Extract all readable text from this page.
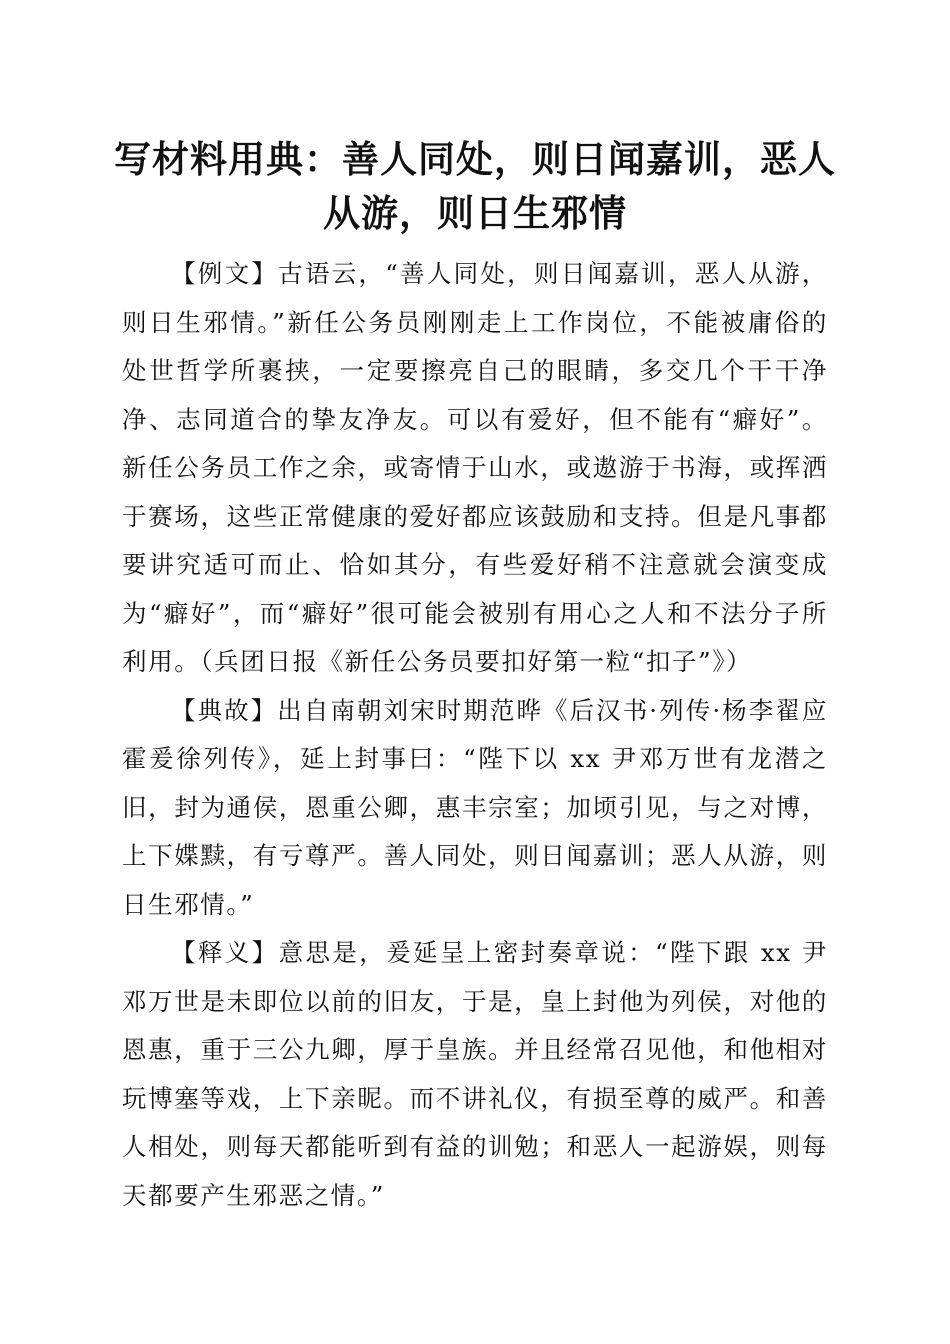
写材料用典：善人同处，则日闻嘉训，恶人从游，则日生邪情

【例文】古语云，“善人同处，则日闻嘉训，恶人从游，则日生邪情。”新任公务员刚刚走上工作岗位，不能被庸俗的处世哲学所裹挟，一定要擦亮自己的眼睛，多交几个干干净净、志同道合的挚友净友。可以有爱好，但不能有“癖好”。新任公务员工作之余，或寄情于山水，或遨游于书海，或挥洒于赛场，这些正常健康的爱好都应该鼓励和支持。但是凡事都要讲究适可而止、恰如其分，有些爱好稍不注意就会演变成为“癖好”，而“癖好”很可能会被别有用心之人和不法分子所利用。（兵团日报《新任公务员要扣好第一粒“扣子”》）

【典故】出自南朝刘宋时期范晔《后汉书·列传·杨李翟应霍爰徐列传》，延上封事曰：“陛下以 xx 尹邓万世有龙潜之旧，封为通侯，恩重公卿，惠丰宗室；加顷引见，与之对博，上下媟黩，有亏尊严。善人同处，则日闻嘉训；恶人从游，则日生邪情。”

【释义】意思是，爰延呈上密封奏章说：“陛下跟 xx 尹邓万世是未即位以前的旧友，于是，皇上封他为列侯，对他的恩惠，重于三公九卿，厚于皇族。并且经常召见他，和他相对玩博塞等戏，上下亲昵。而不讲礼仪，有损至尊的威严。和善人相处，则每天都能听到有益的训勉；和恶人一起游娱，则每天都要产生邪恶之情。”
